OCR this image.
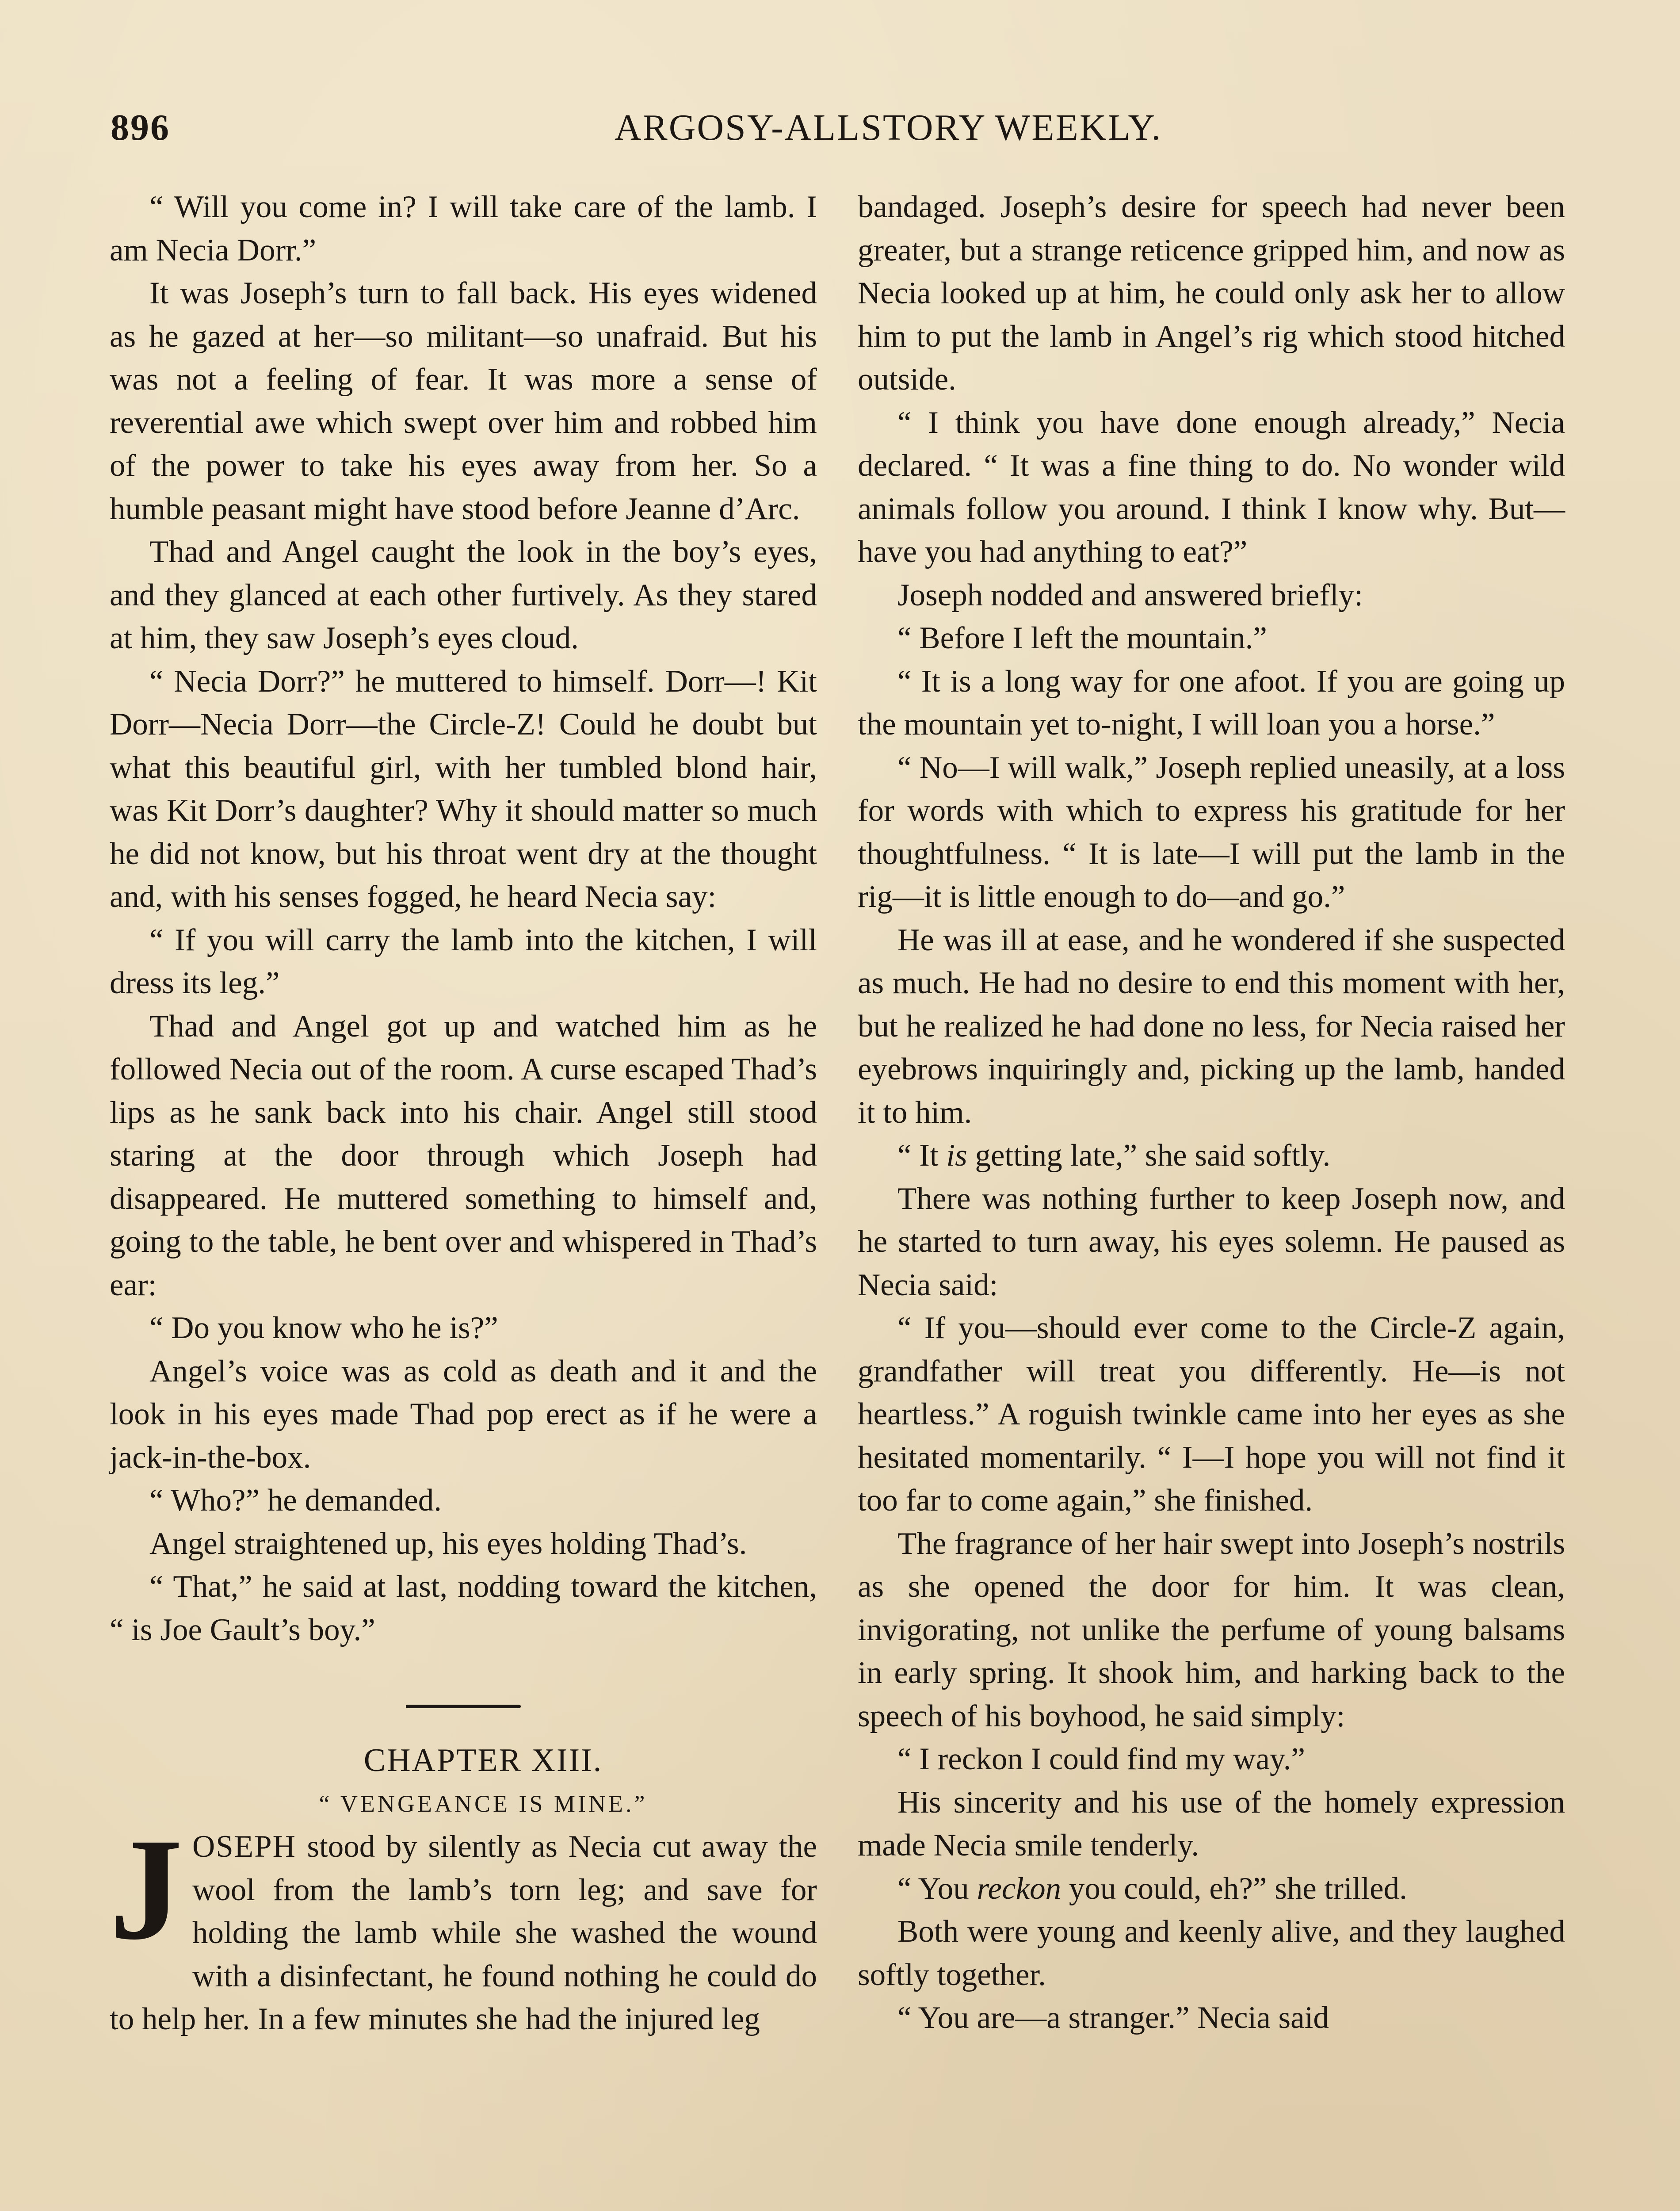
896	ARGOSY-ALLSTORY WEEKLY.

“ Will you come in? I will take care of the lamb. I am Necia Dorr.”

It was Joseph’s turn to fall back. His eyes widened as he gazed at her—so militant—so unafraid. But his was not a feeling of fear. It was more a sense of reverential awe which swept over him and robbed him of the power to take his eyes away from her. So a humble peasant might have stood before Jeanne d’Arc.

Thad and Angel caught the look in the boy’s eyes, and they glanced at each other furtively. As they stared at him, they saw Joseph’s eyes cloud.

“ Necia Dorr?” he muttered to himself. Dorr—! Kit Dorr—Necia Dorr—the Circle-Z! Could he doubt but what this beautiful girl, with her tumbled blond hair, was Kit Dorr’s daughter? Why it should matter so much he did not know, but his throat went dry at the thought and, with his senses fogged, he heard Necia say:

“ If you will carry the lamb into the kitchen, I will dress its leg.”

Thad and Angel got up and watched him as he followed Necia out of the room. A curse escaped Thad’s lips as he sank back into his chair. Angel still stood staring at the door through which Joseph had disappeared. He muttered something to himself and, going to the table, he bent over and whispered in Thad’s ear:

“ Do you know who he is?”

Angel’s voice was as cold as death and it and the look in his eyes made Thad pop erect as if he were a jack-in-the-box.

“ Who?” he demanded.

Angel straightened up, his eyes holding Thad’s.

“ That,” he said at last, nodding toward the kitchen, “ is Joe Gault’s boy.”

CHAPTER XIII.

“ VENGEANCE IS MINE.”

JOSEPH stood by silently as Necia cut away the wool from the lamb’s torn leg; and save for holding the lamb while she washed the wound with a disinfectant, he found nothing he could do to help her. In a few minutes she had the injured leg

bandaged. Joseph’s desire for speech had never been greater, but a strange reticence gripped him, and now as Necia looked up at him, he could only ask her to allow him to put the lamb in Angel’s rig which stood hitched outside.

“ I think you have done enough already,” Necia declared. “ It was a fine thing to do. No wonder wild animals follow you around. I think I know why. But—have you had anything to eat?”

Joseph nodded and answered briefly:

“ Before I left the mountain.”

“ It is a long way for one afoot. If you are going up the mountain yet to-night, I will loan you a horse.”

“ No—I will walk,” Joseph replied uneasily, at a loss for words with which to express his gratitude for her thoughtfulness. “ It is late—I will put the lamb in the rig—it is little enough to do—and go.”

He was ill at ease, and he wondered if she suspected as much. He had no desire to end this moment with her, but he realized he had done no less, for Necia raised her eyebrows inquiringly and, picking up the lamb, handed it to him.

“ It is getting late,” she said softly.

There was nothing further to keep Joseph now, and he started to turn away, his eyes solemn. He paused as Necia said:

“ If you—should ever come to the Circle-Z again, grandfather will treat you differently. He—is not heartless.” A roguish twinkle came into her eyes as she hesitated momentarily. “ I—I hope you will not find it too far to come again,” she finished.

The fragrance of her hair swept into Joseph’s nostrils as she opened the door for him. It was clean, invigorating, not unlike the perfume of young balsams in early spring. It shook him, and harking back to the speech of his boyhood, he said simply:

“ I reckon I could find my way.”

His sincerity and his use of the homely expression made Necia smile tenderly.

“ You reckon you could, eh?” she trilled.

Both were young and keenly alive, and they laughed softly together.

“ You are—a stranger.” Necia said
